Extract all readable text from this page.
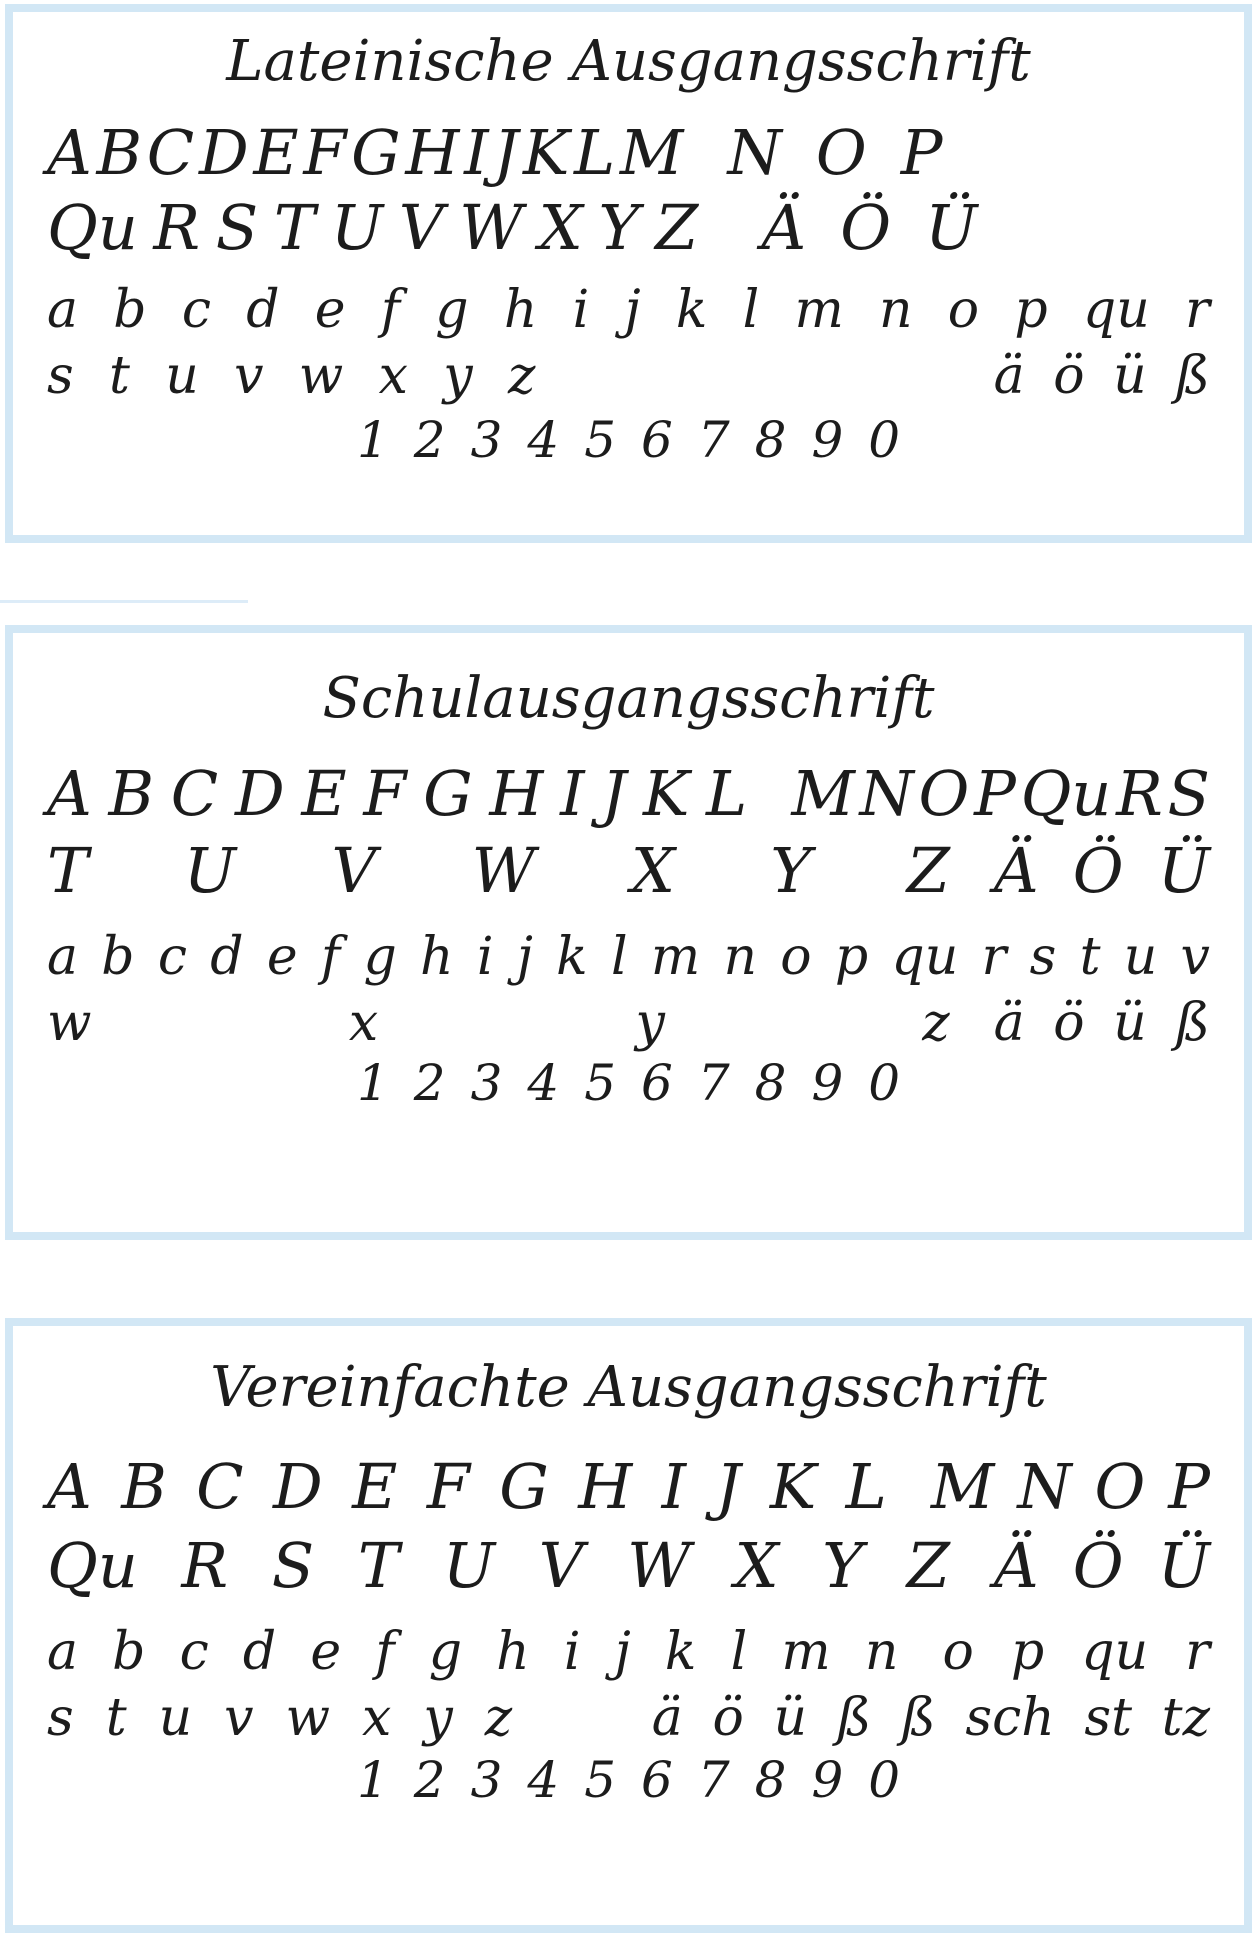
Lateinische Ausgangsschrift
A B C D E F G H I J K L M N O P
Qu R S T U V W X Y Z Ä Ö Ü
a b c d e f g h i j k l m n o p qu r
s t u v w x y z	ä ö ü ß
1 2 3 4 5 6 7 8 9 0
Schulausgangsschrift
A B C D E F G H I J K L M N O P Qu R S
T U V W X Y Z Ä Ö Ü
a b c d e f g h i j k l m n o p qu r s t u v
w	x	y	z ä ö ü ß
1 2 3 4 5 6 7 8 9 0
Vereinfachte Ausgangsschrift
A B C D E F G H I J K L M N O P
Qu R S T U V W X Y Z Ä Ö Ü
a b c d e f g h i j k l m n o p qu r
s t u v w x y z	ä ö ü ß ß sch st tz
1 2 3 4 5 6 7 8 9 0
